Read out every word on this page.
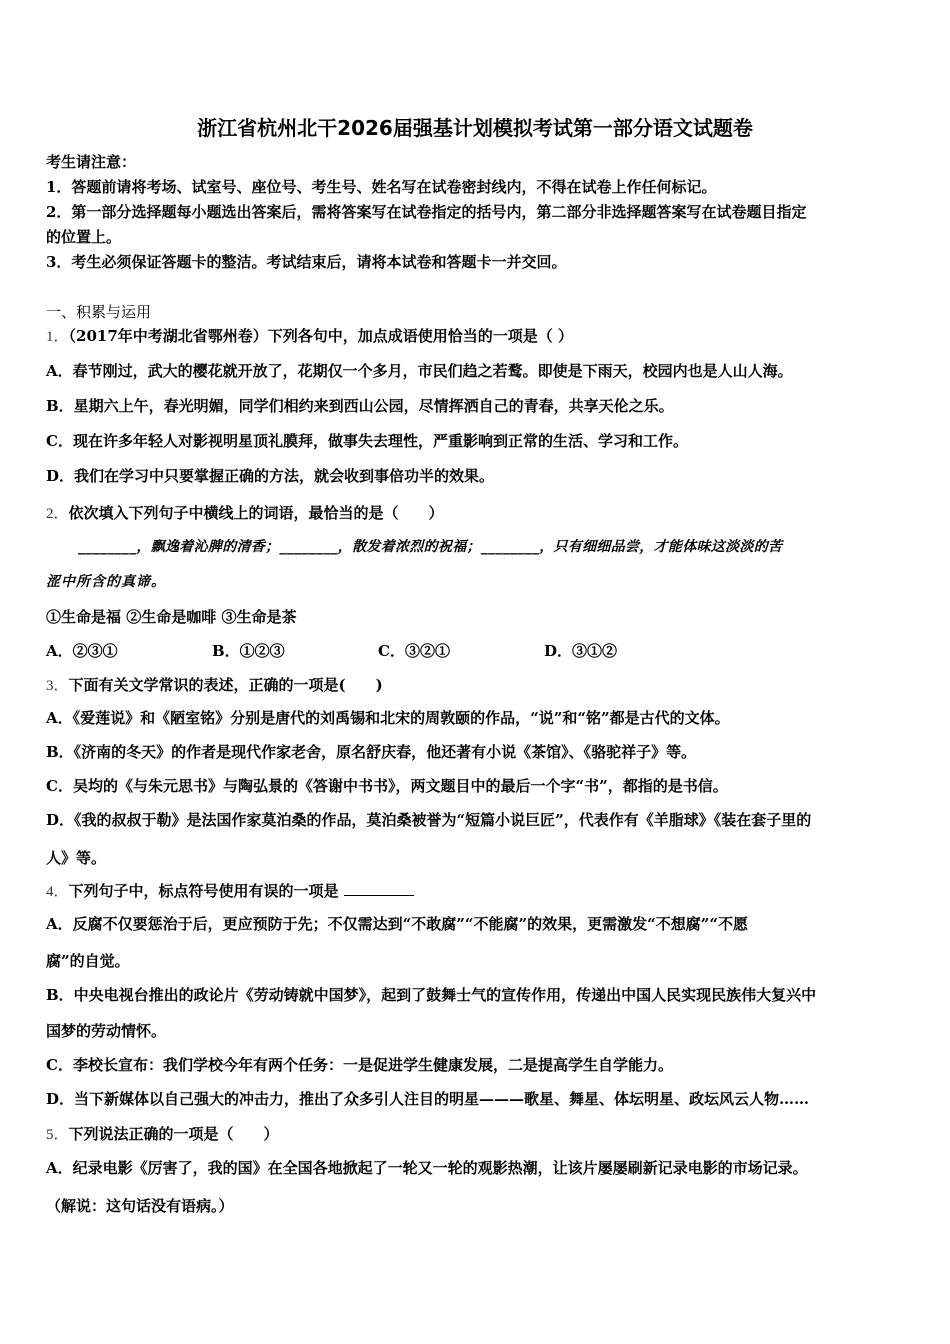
浙江省杭州北干2026届强基计划模拟考试第一部分语文试题卷
考生请注意：
1．答题前请将考场、试室号、座位号、考生号、姓名写在试卷密封线内，不得在试卷上作任何标记。
2．第一部分选择题每小题选出答案后，需将答案写在试卷指定的括号内，第二部分非选择题答案写在试卷题目指定
的位置上。
3．考生必须保证答题卡的整洁。考试结束后，请将本试卷和答题卡一并交回。
一、积累与运用
1．（2017年中考湖北省鄂州卷）下列各句中，加点成语使用恰当的一项是（ ）
A．春节刚过，武大的樱花就开放了，花期仅一个多月，市民们趋之若鹜。即使是下雨天，校园内也是人山人海。
B．星期六上午，春光明媚，同学们相约来到西山公园，尽情挥洒自己的青春，共享天伦之乐。
C．现在许多年轻人对影视明星顶礼膜拜，做事失去理性，严重影响到正常的生活、学习和工作。
D．我们在学习中只要掌握正确的方法，就会收到事倍功半的效果。
2．依次填入下列句子中横线上的词语，最恰当的是（　　）
________，飘逸着沁脾的清香；________，散发着浓烈的祝福；________，只有细细品尝，才能体味这淡淡的苦
涩中所含的真谛。
①生命是福 ②生命是咖啡 ③生命是茶
A．②③①	B．①②③	C．③②①	D．③①②
3．下面有关文学常识的表述，正确的一项是(　　)
A．《爱莲说》和《陋室铭》分别是唐代的刘禹锡和北宋的周敦颐的作品，“说”和“铭”都是古代的文体。
B．《济南的冬天》的作者是现代作家老舍，原名舒庆春，他还著有小说《茶馆》、《骆驼祥子》等。
C．吴均的《与朱元思书》与陶弘景的《答谢中书书》，两文题目中的最后一个字“书”，都指的是书信。
D．《我的叔叔于勒》是法国作家莫泊桑的作品，莫泊桑被誉为“短篇小说巨匠”，代表作有《羊脂球》《装在套子里的
人》等。
4．下列句子中，标点符号使用有误的一项是
A．反腐不仅要惩治于后，更应预防于先；不仅需达到“不敢腐”“不能腐”的效果，更需激发“不想腐”“不愿
腐”的自觉。
B．中央电视台推出的政论片《劳动铸就中国梦》，起到了鼓舞士气的宣传作用，传递出中国人民实现民族伟大复兴中
国梦的劳动情怀。
C．李校长宣布：我们学校今年有两个任务：一是促进学生健康发展，二是提高学生自学能力。
D．当下新媒体以自己强大的冲击力，推出了众多引人注目的明星———歌星、舞星、体坛明星、政坛风云人物……
5．下列说法正确的一项是（　　）
A．纪录电影《厉害了，我的国》在全国各地掀起了一轮又一轮的观影热潮，让该片屡屡刷新记录电影的市场记录。
（解说：这句话没有语病。）
